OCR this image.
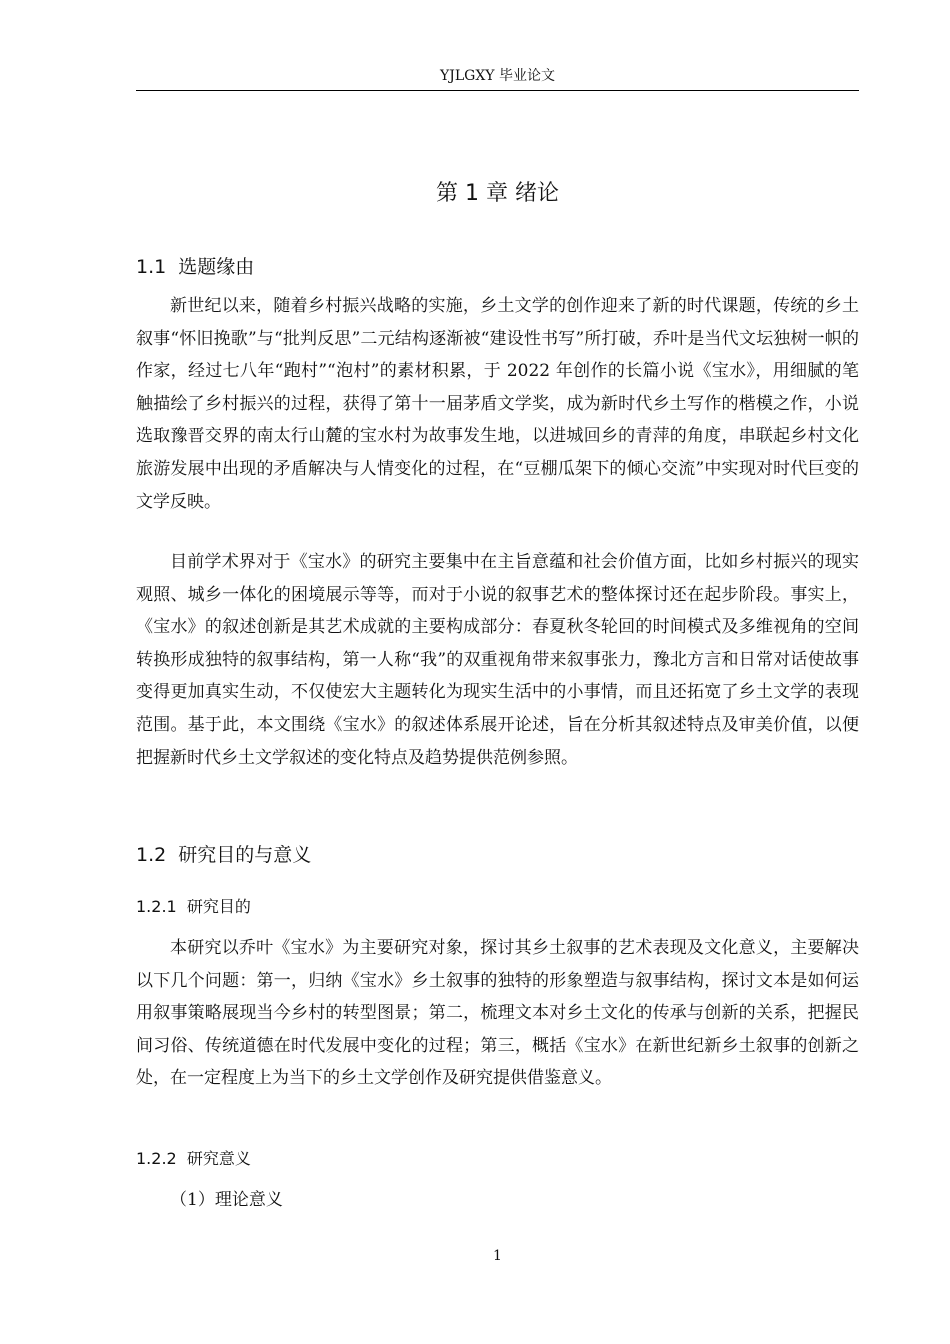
YJLGXY 毕业论文
第 1 章 绪论
1.1  选题缘由

新世纪以来，随着乡村振兴战略的实施，乡土文学的创作迎来了新的时代课题，传统的乡土叙事“怀旧挽歌”与“批判反思”二元结构逐渐被“建设性书写”所打破，乔叶是当代文坛独树一帜的作家，经过七八年“跑村”“泡村”的素材积累，于 2022 年创作的长篇小说《宝水》，用细腻的笔触描绘了乡村振兴的过程，获得了第十一届茅盾文学奖，成为新时代乡土写作的楷模之作，小说选取豫晋交界的南太行山麓的宝水村为故事发生地，以进城回乡的青萍的角度，串联起乡村文化旅游发展中出现的矛盾解决与人情变化的过程，在“豆棚瓜架下的倾心交流”中实现对时代巨变的文学反映。

目前学术界对于《宝水》的研究主要集中在主旨意蕴和社会价值方面，比如乡村振兴的现实观照、城乡一体化的困境展示等等，而对于小说的叙事艺术的整体探讨还在起步阶段。事实上，《宝水》的叙述创新是其艺术成就的主要构成部分：春夏秋冬轮回的时间模式及多维视角的空间转换形成独特的叙事结构，第一人称“我”的双重视角带来叙事张力，豫北方言和日常对话使故事变得更加真实生动，不仅使宏大主题转化为现实生活中的小事情，而且还拓宽了乡土文学的表现范围。基于此，本文围绕《宝水》的叙述体系展开论述，旨在分析其叙述特点及审美价值，以便把握新时代乡土文学叙述的变化特点及趋势提供范例参照。

1.2  研究目的与意义
1.2.1  研究目的

本研究以乔叶《宝水》为主要研究对象，探讨其乡土叙事的艺术表现及文化意义，主要解决以下几个问题：第一，归纳《宝水》乡土叙事的独特的形象塑造与叙事结构，探讨文本是如何运用叙事策略展现当今乡村的转型图景；第二，梳理文本对乡土文化的传承与创新的关系，把握民间习俗、传统道德在时代发展中变化的过程；第三，概括《宝水》在新世纪新乡土叙事的创新之处，在一定程度上为当下的乡土文学创作及研究提供借鉴意义。

1.2.2  研究意义
（1）理论意义
1
